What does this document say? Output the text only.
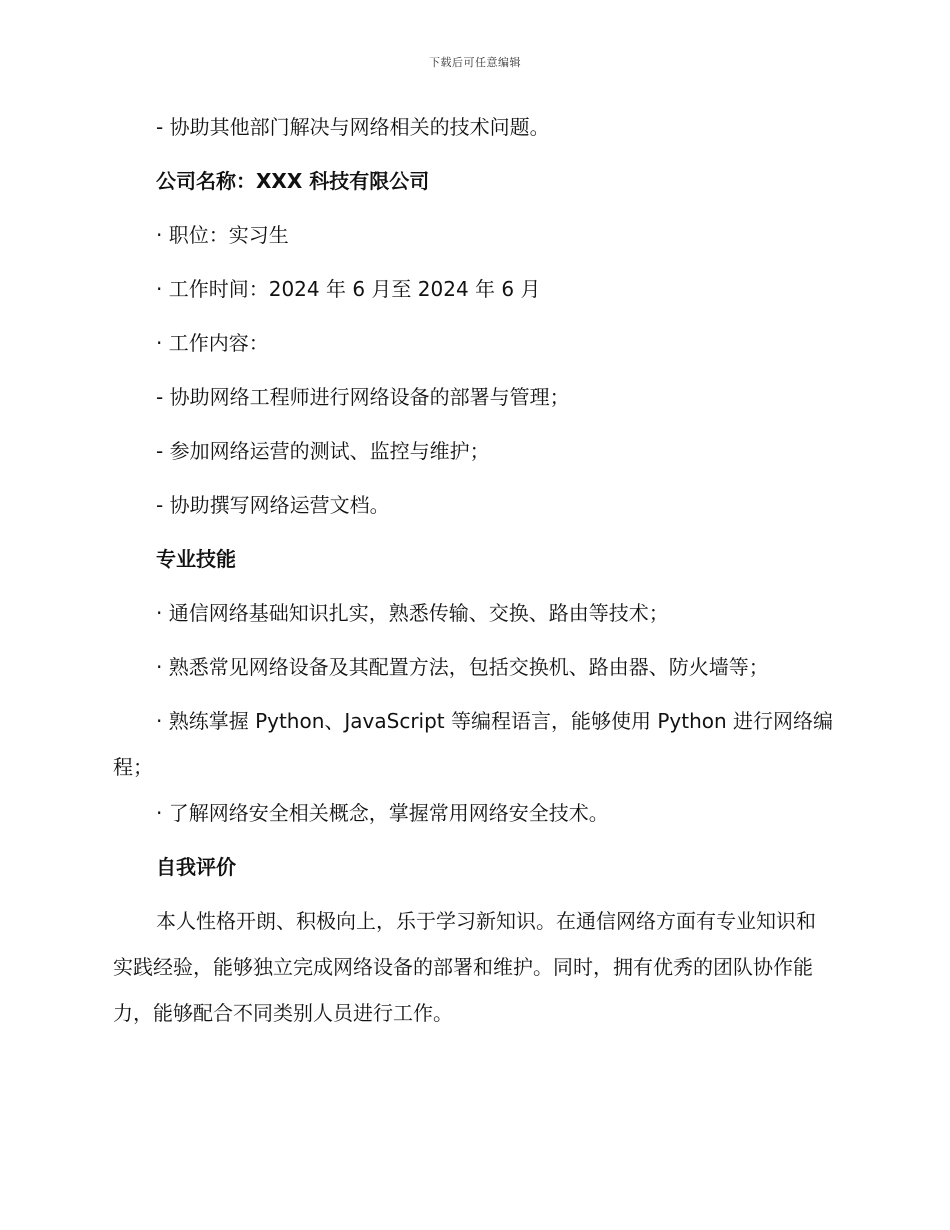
下载后可任意编辑
- 协助其他部门解决与网络相关的技术问题。
公司名称：XXX 科技有限公司
· 职位：实习生
· 工作时间：2024 年 6 月至 2024 年 6 月
· 工作内容：
- 协助网络工程师进行网络设备的部署与管理；
- 参加网络运营的测试、监控与维护；
- 协助撰写网络运营文档。
专业技能
· 通信网络基础知识扎实，熟悉传输、交换、路由等技术；
· 熟悉常见网络设备及其配置方法，包括交换机、路由器、防火墙等；
· 熟练掌握 Python、JavaScript 等编程语言，能够使用 Python 进行网络编程；
· 了解网络安全相关概念，掌握常用网络安全技术。
自我评价
本人性格开朗、积极向上，乐于学习新知识。在通信网络方面有专业知识和实践经验，能够独立完成网络设备的部署和维护。同时，拥有优秀的团队协作能力，能够配合不同类别人员进行工作。
